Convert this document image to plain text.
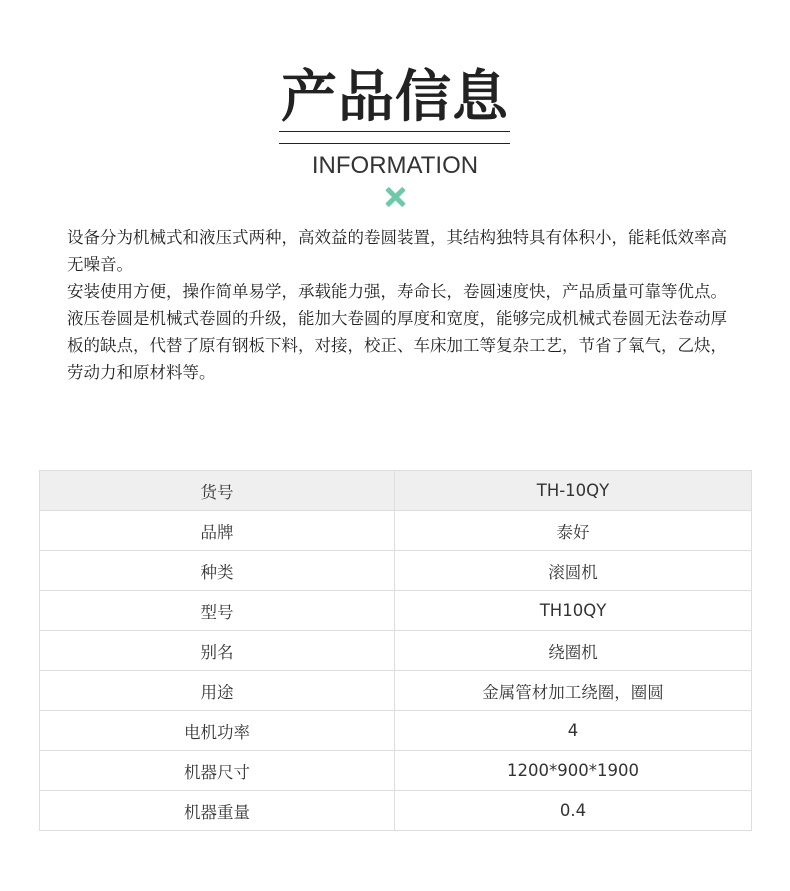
产品信息
INFORMATION

设备分为机械式和液压式两种，高效益的卷圆装置，其结构独特具有体积小，能耗低效率高无噪音。

安装使用方便，操作简单易学，承载能力强，寿命长，卷圆速度快，产品质量可靠等优点。

液压卷圆是机械式卷圆的升级，能加大卷圆的厚度和宽度，能够完成机械式卷圆无法卷动厚板的缺点，代替了原有钢板下料，对接，校正、车床加工等复杂工艺，节省了氧气，乙炔，劳动力和原材料等。

货号	TH-10QY
品牌	泰好
种类	滚圆机
型号	TH10QY
别名	绕圈机
用途	金属管材加工绕圈，圈圆
电机功率	4
机器尺寸	1200*900*1900
机器重量	0.4
